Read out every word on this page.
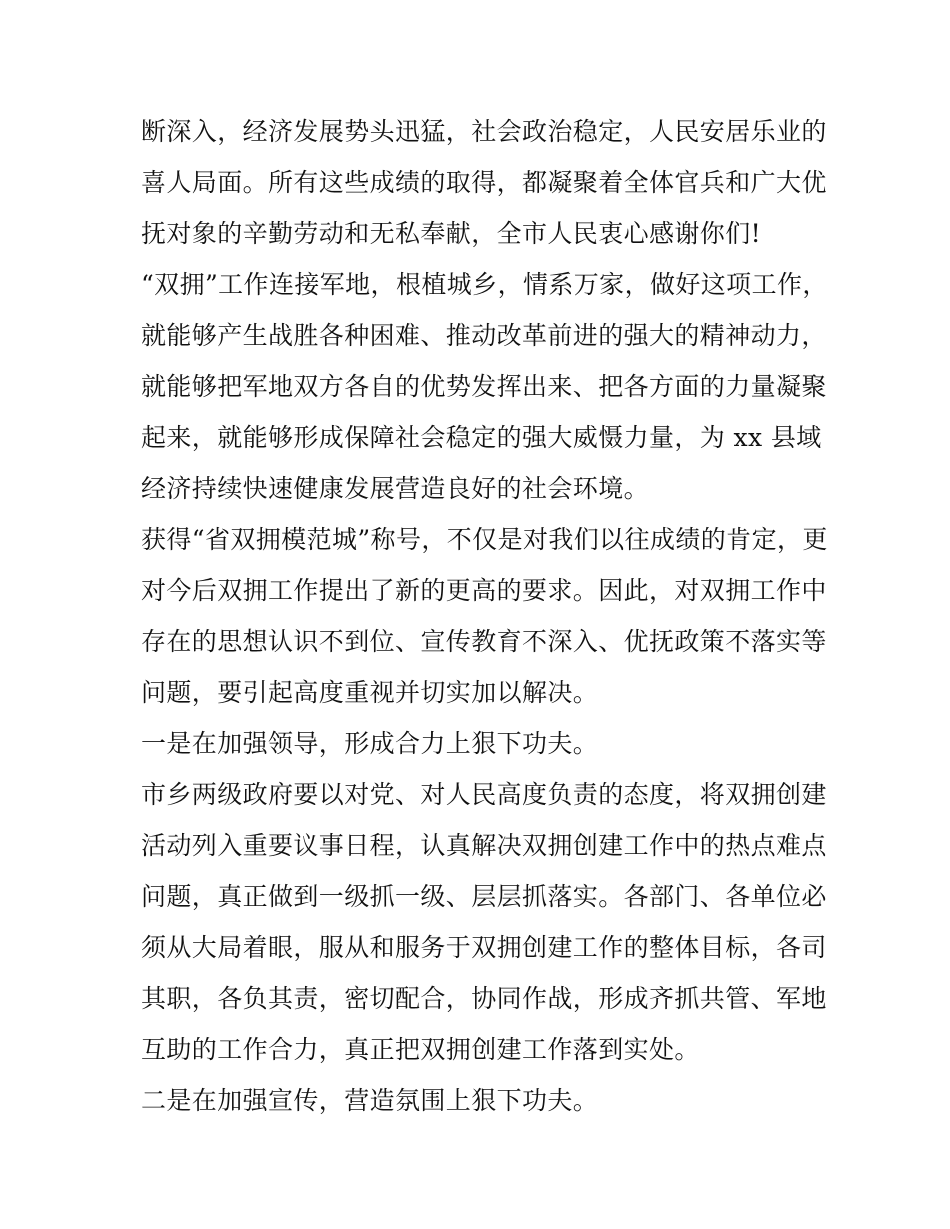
断深入，经济发展势头迅猛，社会政治稳定，人民安居乐业的
喜人局面。所有这些成绩的取得，都凝聚着全体官兵和广大优
抚对象的辛勤劳动和无私奉献，全市人民衷心感谢你们!
“双拥”工作连接军地，根植城乡，情系万家，做好这项工作，
就能够产生战胜各种困难、推动改革前进的强大的精神动力，
就能够把军地双方各自的优势发挥出来、把各方面的力量凝聚
起来，就能够形成保障社会稳定的强大威慑力量，为 xx 县域
经济持续快速健康发展营造良好的社会环境。
获得“省双拥模范城”称号，不仅是对我们以往成绩的肯定，更
对今后双拥工作提出了新的更高的要求。因此，对双拥工作中
存在的思想认识不到位、宣传教育不深入、优抚政策不落实等
问题，要引起高度重视并切实加以解决。
一是在加强领导，形成合力上狠下功夫。
市乡两级政府要以对党、对人民高度负责的态度，将双拥创建
活动列入重要议事日程，认真解决双拥创建工作中的热点难点
问题，真正做到一级抓一级、层层抓落实。各部门、各单位必
须从大局着眼，服从和服务于双拥创建工作的整体目标，各司
其职，各负其责，密切配合，协同作战，形成齐抓共管、军地
互助的工作合力，真正把双拥创建工作落到实处。
二是在加强宣传，营造氛围上狠下功夫。
